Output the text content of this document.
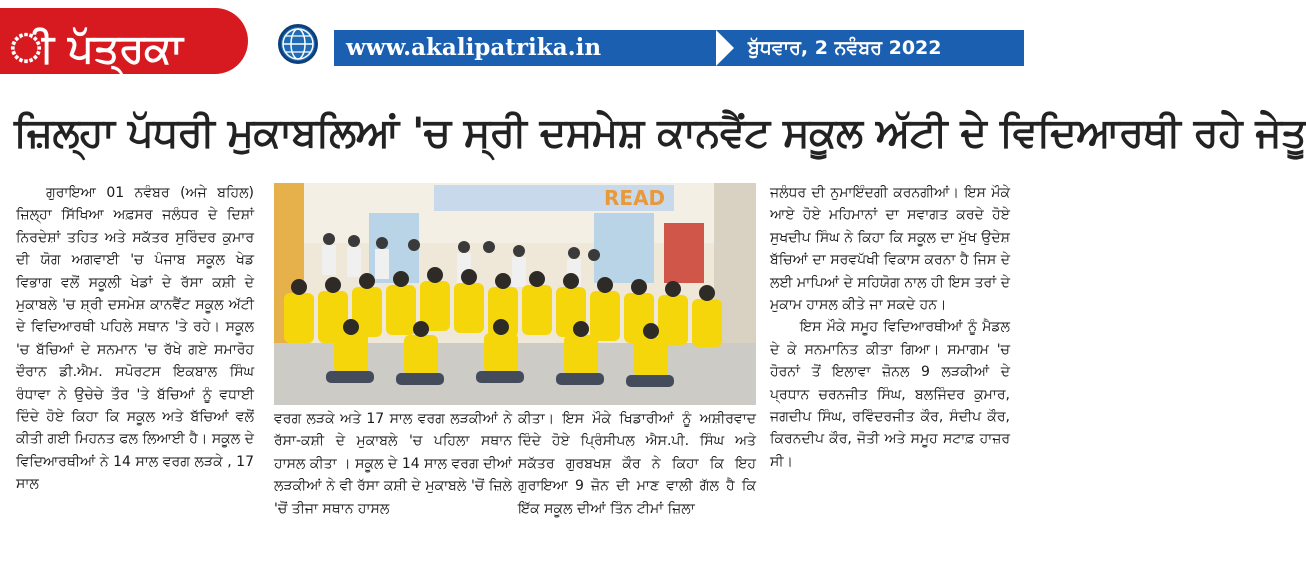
ੀ ਪੱਤ੍ਰਕਾ	www.akalipatrika.in	ਬੁੱਧਵਾਰ, 2 ਨਵੰਬਰ 2022
ਜ਼ਿਲ੍ਹਾ ਪੱਧਰੀ ਮੁਕਾਬਲਿਆਂ 'ਚ ਸ੍ਰੀ ਦਸਮੇਸ਼ ਕਾਨਵੈਂਟ ਸਕੂਲ ਅੱਟੀ ਦੇ ਵਿਦਿਆਰਥੀ ਰਹੇ ਜੇਤੂ

ਗੁਰਾਇਆ 01 ਨਵੰਬਰ (ਅਜੇ ਬਹਿਲ) ਜ਼ਿਲ੍ਹਾ ਸਿੱਖਿਆ ਅਫ਼ਸਰ ਜਲੰਧਰ ਦੇ ਦਿਸ਼ਾਂ ਨਿਰਦੇਸ਼ਾਂ ਤਹਿਤ ਅਤੇ ਸਕੱਤਰ ਸੁਰਿੰਦਰ ਕੁਮਾਰ ਦੀ ਯੋਗ ਅਗਵਾਈ 'ਚ ਪੰਜਾਬ ਸਕੂਲ ਖੇਡ ਵਿਭਾਗ ਵਲੋਂ ਸਕੂਲੀ ਖੇਡਾਂ ਦੇ ਰੱਸਾ ਕਸ਼ੀ ਦੇ ਮੁਕਾਬਲੇ 'ਚ ਸ਼੍ਰੀ ਦਸਮੇਸ਼ ਕਾਨਵੈਂਟ ਸਕੂਲ ਅੱਟੀ ਦੇ ਵਿਦਿਆਰਥੀ ਪਹਿਲੇ ਸਥਾਨ 'ਤੇ ਰਹੇ। ਸਕੂਲ 'ਚ ਬੱਚਿਆਂ ਦੇ ਸਨਮਾਨ 'ਚ ਰੱਖੇ ਗਏ ਸਮਾਰੋਹ ਦੌਰਾਨ ਡੀ.ਐਮ. ਸਪੋਰਟਸ ਇਕਬਾਲ ਸਿੰਘ ਰੰਧਾਵਾ ਨੇ ਉਚੇਚੇ ਤੌਰ 'ਤੇ ਬੱਚਿਆਂ ਨੂੰ ਵਧਾਈ ਦਿੰਦੇ ਹੋਏ ਕਿਹਾ ਕਿ ਸਕੂਲ ਅਤੇ ਬੱਚਿਆਂ ਵਲੋਂ ਕੀਤੀ ਗਈ ਮਿਹਨਤ ਫਲ ਲਿਆਈ ਹੈ। ਸਕੂਲ ਦੇ ਵਿਦਿਆਰਥੀਆਂ ਨੇ 14 ਸਾਲ ਵਰਗ ਲੜਕੇ , 17 ਸਾਲ

READ

ਵਰਗ ਲੜਕੇ ਅਤੇ 17 ਸਾਲ ਵਰਗ ਲੜਕੀਆਂ ਨੇ ਰੱਸਾ-ਕਸ਼ੀ ਦੇ ਮੁਕਾਬਲੇ 'ਚ ਪਹਿਲਾ ਸਥਾਨ ਹਾਸਲ ਕੀਤਾ । ਸਕੂਲ ਦੇ 14 ਸਾਲ ਵਰਗ ਦੀਆਂ ਲੜਕੀਆਂ ਨੇ ਵੀ ਰੱਸਾ ਕਸ਼ੀ ਦੇ ਮੁਕਾਬਲੇ 'ਚੋਂ ਜ਼ਿਲੇ 'ਚੋਂ ਤੀਜਾ ਸਥਾਨ ਹਾਸਲ

ਕੀਤਾ। ਇਸ ਮੌਕੇ ਖਿਡਾਰੀਆਂ ਨੂੰ ਅਸ਼ੀਰਵਾਦ ਦਿੰਦੇ ਹੋਏ ਪ੍ਰਿੰਸੀਪਲ ਐਸ.ਪੀ. ਸਿੰਘ ਅਤੇ ਸਕੱਤਰ ਗੁਰਬਖਸ਼ ਕੌਰ ਨੇ ਕਿਹਾ ਕਿ ਇਹ ਗੁਰਾਇਆ 9 ਜ਼ੋਨ ਦੀ ਮਾਣ ਵਾਲੀ ਗੱਲ ਹੈ ਕਿ ਇੱਕ ਸਕੂਲ ਦੀਆਂ ਤਿੰਨ ਟੀਮਾਂ ਜ਼ਿਲਾ

ਜਲੰਧਰ ਦੀ ਨੁਮਾਇੰਦਗੀ ਕਰਨਗੀਆਂ। ਇਸ ਮੌਕੇ ਆਏ ਹੋਏ ਮਹਿਮਾਨਾਂ ਦਾ ਸਵਾਗਤ ਕਰਦੇ ਹੋਏ ਸੁਖਦੀਪ ਸਿੰਘ ਨੇ ਕਿਹਾ ਕਿ ਸਕੂਲ ਦਾ ਮੁੱਖ ਉਦੇਸ਼ ਬੱਚਿਆਂ ਦਾ ਸਰਵਪੱਖੀ ਵਿਕਾਸ ਕਰਨਾ ਹੈ ਜਿਸ ਦੇ ਲਈ ਮਾਪਿਆਂ ਦੇ ਸਹਿਯੋਗ ਨਾਲ ਹੀ ਇਸ ਤਰਾਂ ਦੇ ਮੁਕਾਮ ਹਾਸਲ ਕੀਤੇ ਜਾ ਸਕਦੇ ਹਨ।

ਇਸ ਮੌਕੇ ਸਮੂਹ ਵਿਦਿਆਰਥੀਆਂ ਨੂੰ ਮੈਡਲ ਦੇ ਕੇ ਸਨਮਾਨਿਤ ਕੀਤਾ ਗਿਆ। ਸਮਾਗਮ 'ਚ ਹੋਰਨਾਂ ਤੋਂ ਇਲਾਵਾ ਜ਼ੋਨਲ 9 ਲੜਕੀਆਂ ਦੇ ਪ੍ਰਧਾਨ ਚਰਨਜੀਤ ਸਿੰਘ, ਬਲਜਿੰਦਰ ਕੁਮਾਰ, ਜਗਦੀਪ ਸਿੰਘ, ਰਵਿੰਦਰਜੀਤ ਕੌਰ, ਸੰਦੀਪ ਕੌਰ, ਕਿਰਨਦੀਪ ਕੌਰ, ਜੋਤੀ ਅਤੇ ਸਮੂਹ ਸਟਾਫ਼ ਹਾਜ਼ਰ ਸੀ।
